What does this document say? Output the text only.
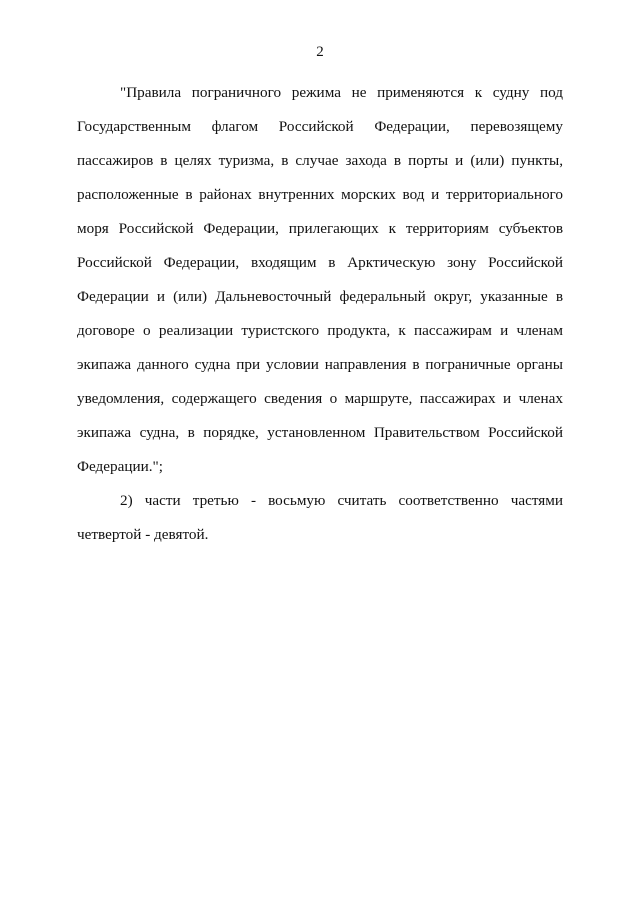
2

"Правила пограничного режима не применяются к судну под Государственным флагом Российской Федерации, перевозящему пассажиров в целях туризма, в случае захода в порты и (или) пункты, расположенные в районах внутренних морских вод и территориального моря Российской Федерации, прилегающих к территориям субъектов Российской Федерации, входящим в Арктическую зону Российской Федерации и (или) Дальневосточный федеральный округ, указанные в договоре о реализации туристского продукта, к пассажирам и членам экипажа данного судна при условии направления в пограничные органы уведомления, содержащего сведения о маршруте, пассажирах и членах экипажа судна, в порядке, установленном Правительством Российской Федерации.";

2) части третью - восьмую считать соответственно частями четвертой - девятой.
